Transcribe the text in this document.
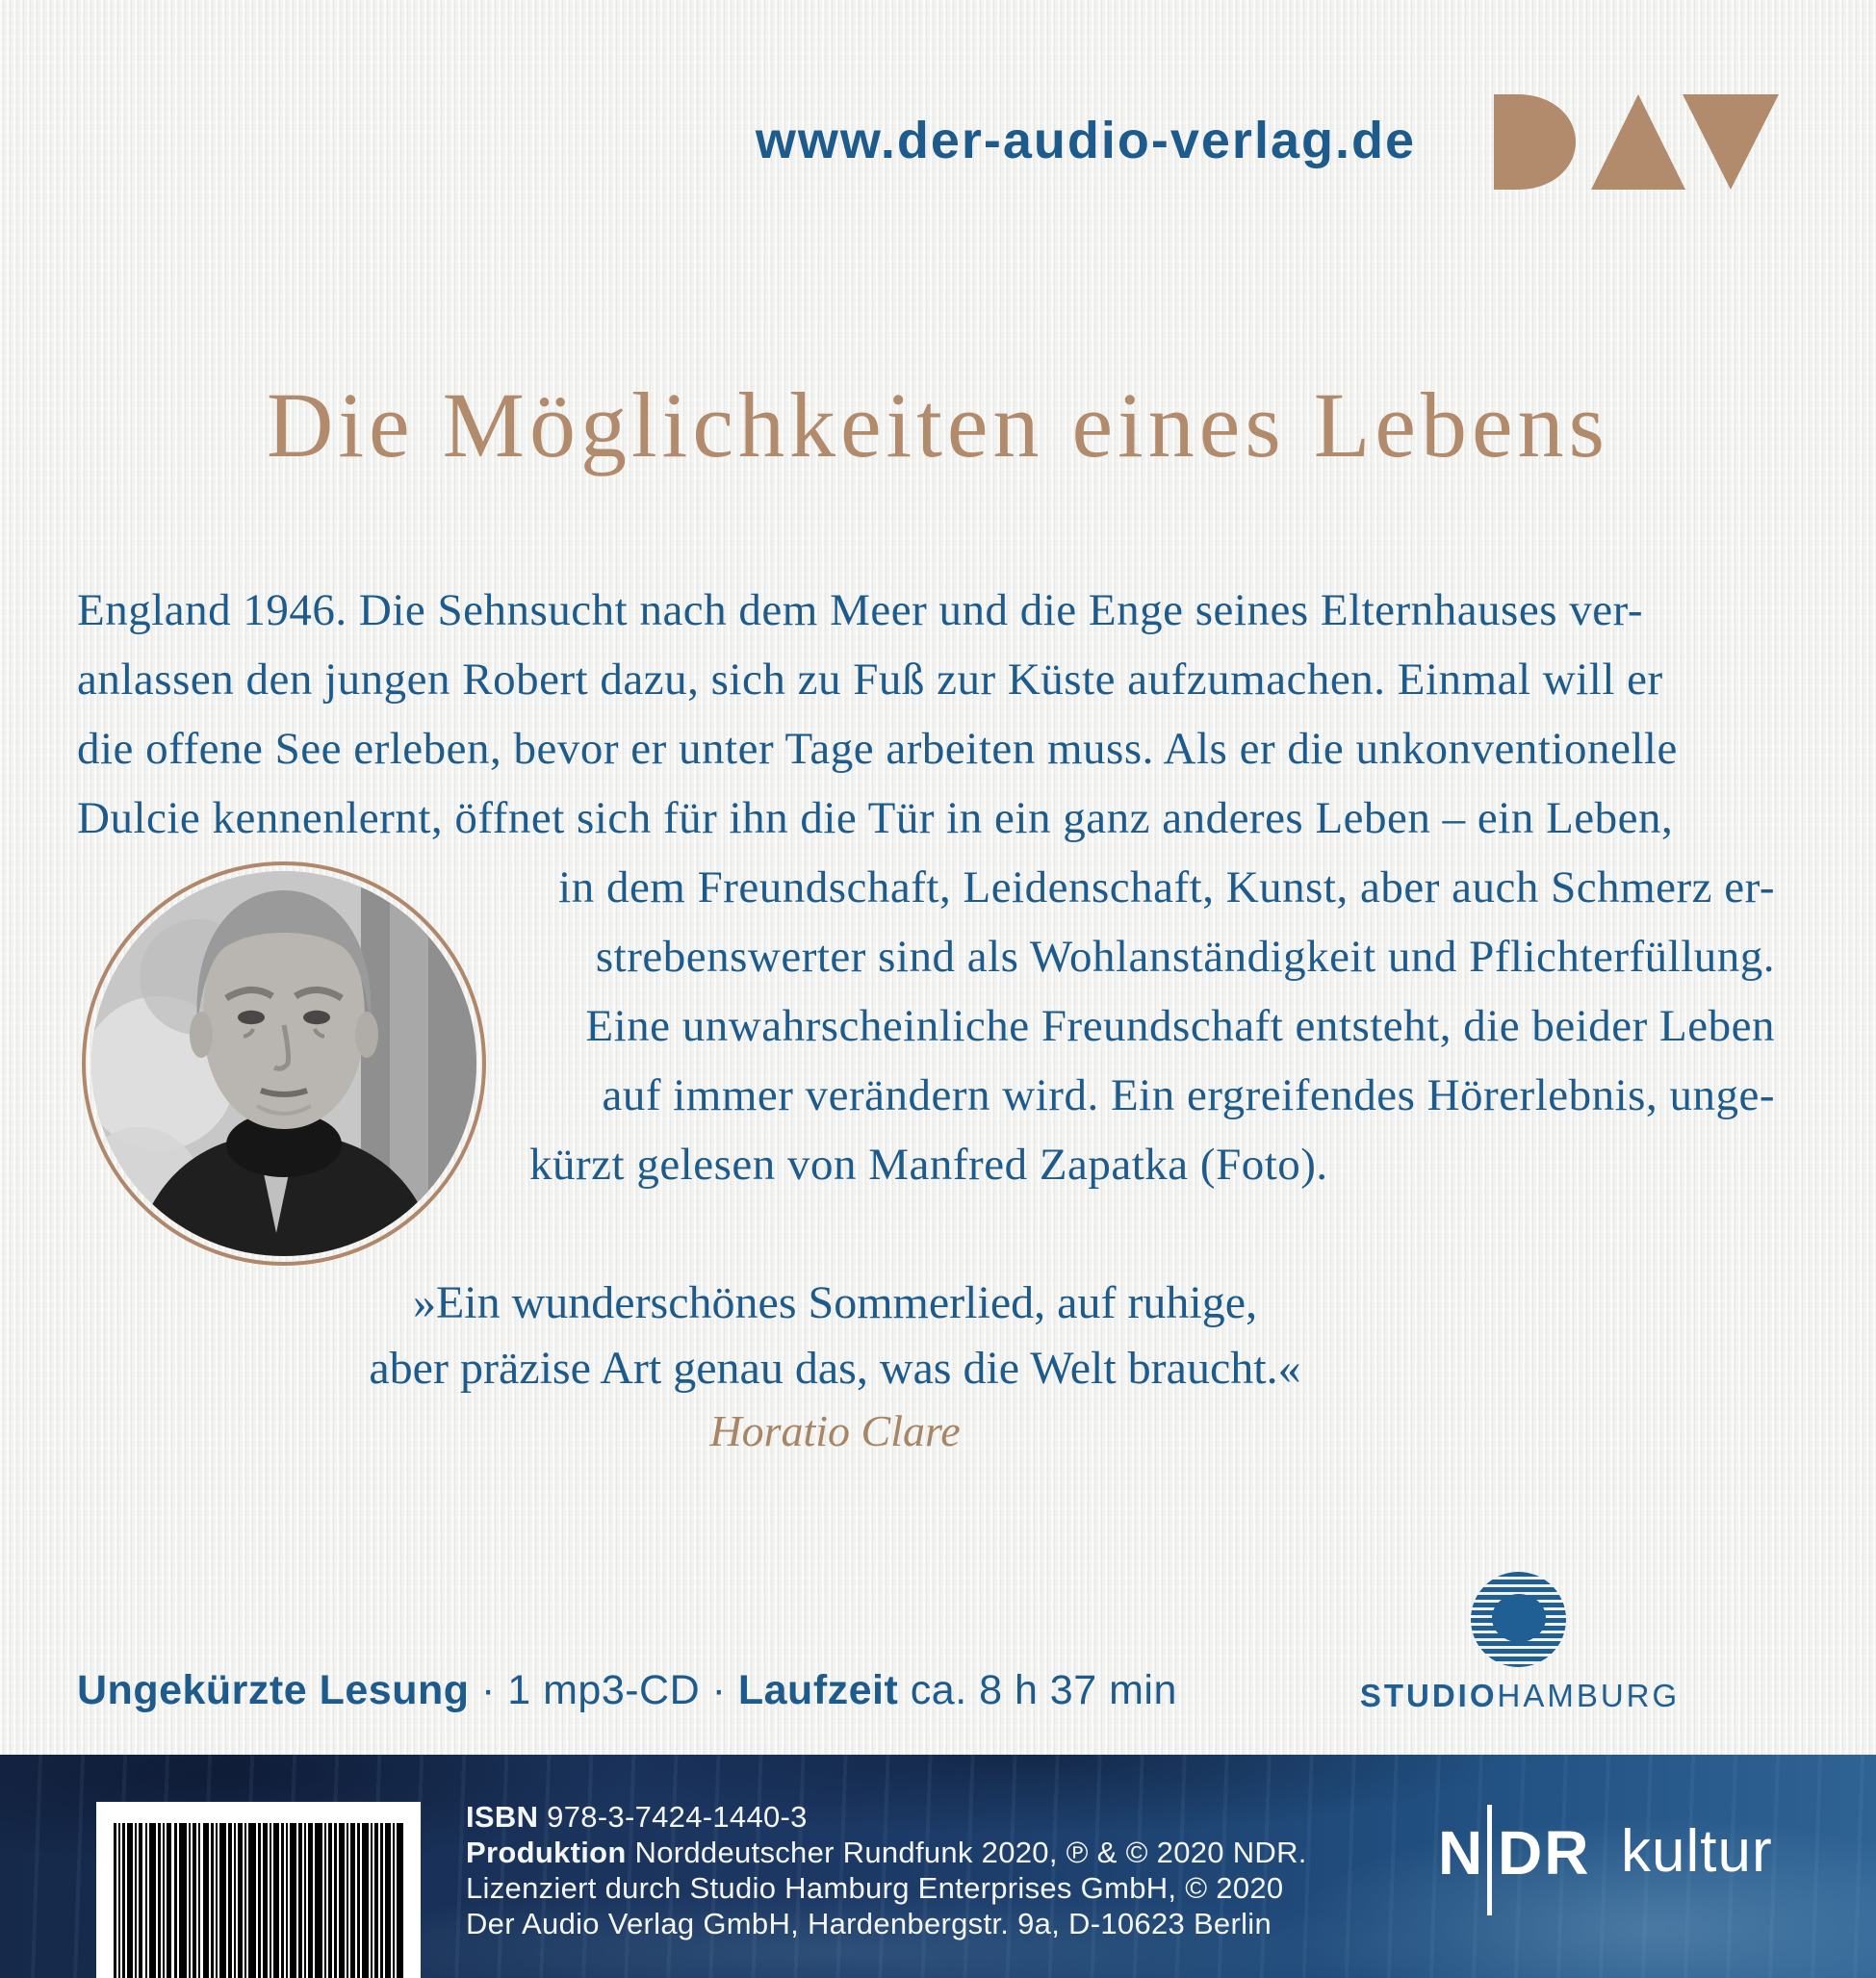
www.der-audio-verlag.de
Die Möglichkeiten eines Lebens
England 1946. Die Sehnsucht nach dem Meer und die Enge seines Elternhauses ver-
anlassen den jungen Robert dazu, sich zu Fuß zur Küste aufzumachen. Einmal will er
die offene See erleben, bevor er unter Tage arbeiten muss. Als er die unkonventionelle
Dulcie kennenlernt, öffnet sich für ihn die Tür in ein ganz anderes Leben – ein Leben,
in dem Freundschaft, Leidenschaft, Kunst, aber auch Schmerz er-
strebenswerter sind als Wohlanständigkeit und Pflichterfüllung.
Eine unwahrscheinliche Freundschaft entsteht, die beider Leben
auf immer verändern wird. Ein ergreifendes Hörerlebnis, unge-
kürzt gelesen von Manfred Zapatka (Foto).
»Ein wunderschönes Sommerlied, auf ruhige,
aber präzise Art genau das, was die Welt braucht.«
Horatio Clare
Ungekürzte Lesung · 1 mp3-CD · Laufzeit ca. 8 h 37 min	STUDIOHAMBURG
ISBN 978-3-7424-1440-3
Produktion Norddeutscher Rundfunk 2020, ℗ & © 2020 NDR.
Lizenziert durch Studio Hamburg Enterprises GmbH, © 2020
Der Audio Verlag GmbH, Hardenbergstr. 9a, D-10623 Berlin
N DR kultur
